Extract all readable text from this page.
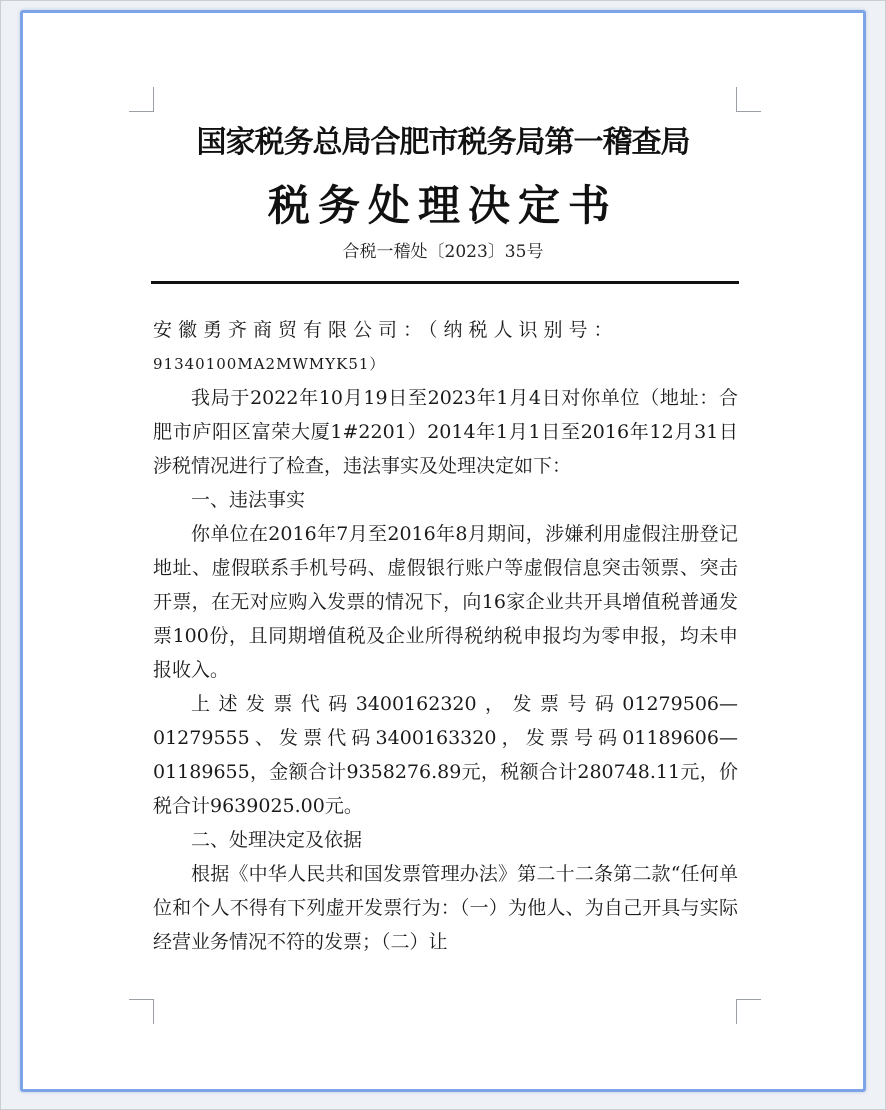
国家税务总局合肥市税务局第一稽查局
税务处理决定书
合税一稽处〔2023〕35号

安徽勇齐商贸有限公司：（纳税人识别号：

91340100MA2MWMYK51）

我局于2022年10月19日至2023年1月4日对你单位（地址：合肥市庐阳区富荣大厦1#2201）2014年1月1日至2016年12月31日涉税情况进行了检查，违法事实及处理决定如下：

一、违法事实

你单位在2016年7月至2016年8月期间，涉嫌利用虚假注册登记地址、虚假联系手机号码、虚假银行账户等虚假信息突击领票、突击开票，在无对应购入发票的情况下，向16家企业共开具增值税普通发票100份，且同期增值税及企业所得税纳税申报均为零申报，均未申报收入。

上述发票代码3400162320，发票号码01279506—01279555、发票代码3400163320，发票号码01189606—01189655，金额合计9358276.89元，税额合计280748.11元，价税合计9639025.00元。

二、处理决定及依据

根据《中华人民共和国发票管理办法》第二十二条第二款“任何单位和个人不得有下列虚开发票行为：（一）为他人、为自己开具与实际经营业务情况不符的发票；（二）让
